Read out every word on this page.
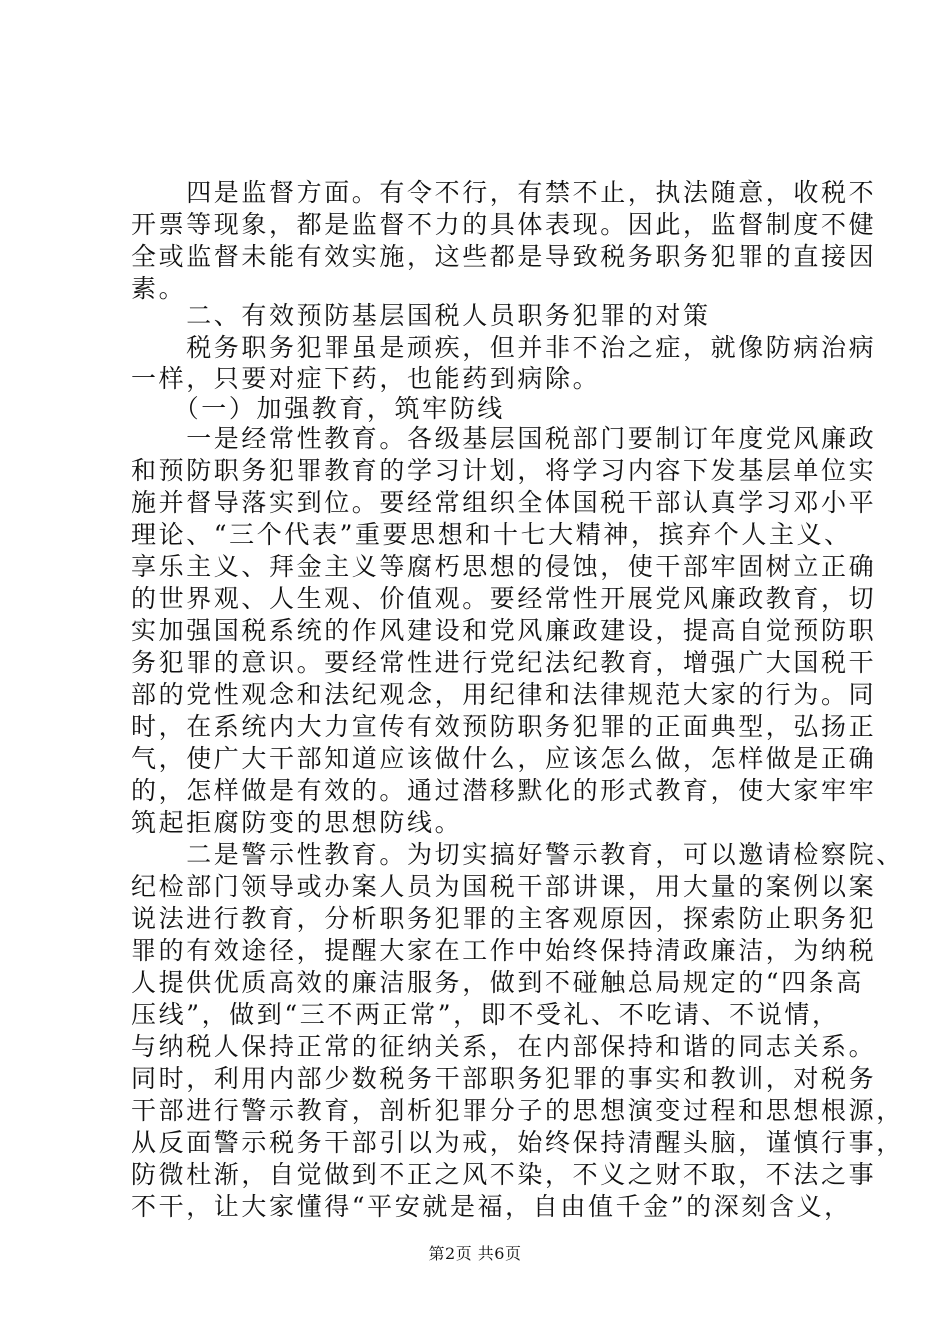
　　四是监督方面。有令不行，有禁不止，执法随意，收税不
开票等现象，都是监督不力的具体表现。因此，监督制度不健
全或监督未能有效实施，这些都是导致税务职务犯罪的直接因
素。
　　二、有效预防基层国税人员职务犯罪的对策
　　税务职务犯罪虽是顽疾，但并非不治之症，就像防病治病
一样，只要对症下药，也能药到病除。
　　（一）加强教育，筑牢防线
　　一是经常性教育。各级基层国税部门要制订年度党风廉政
和预防职务犯罪教育的学习计划，将学习内容下发基层单位实
施并督导落实到位。要经常组织全体国税干部认真学习邓小平
理论、“三个代表”重要思想和十七大精神，摈弃个人主义、
享乐主义、拜金主义等腐朽思想的侵蚀，使干部牢固树立正确
的世界观、人生观、价值观。要经常性开展党风廉政教育，切
实加强国税系统的作风建设和党风廉政建设，提高自觉预防职
务犯罪的意识。要经常性进行党纪法纪教育，增强广大国税干
部的党性观念和法纪观念，用纪律和法律规范大家的行为。同
时，在系统内大力宣传有效预防职务犯罪的正面典型，弘扬正
气，使广大干部知道应该做什么，应该怎么做，怎样做是正确
的，怎样做是有效的。通过潜移默化的形式教育，使大家牢牢
筑起拒腐防变的思想防线。
　　二是警示性教育。为切实搞好警示教育，可以邀请检察院、
纪检部门领导或办案人员为国税干部讲课，用大量的案例以案
说法进行教育，分析职务犯罪的主客观原因，探索防止职务犯
罪的有效途径，提醒大家在工作中始终保持清政廉洁，为纳税
人提供优质高效的廉洁服务，做到不碰触总局规定的“四条高
压线”，做到“三不两正常”，即不受礼、不吃请、不说情，
与纳税人保持正常的征纳关系，在内部保持和谐的同志关系。
同时，利用内部少数税务干部职务犯罪的事实和教训，对税务
干部进行警示教育，剖析犯罪分子的思想演变过程和思想根源，
从反面警示税务干部引以为戒，始终保持清醒头脑，谨慎行事，
防微杜渐，自觉做到不正之风不染，不义之财不取，不法之事
不干，让大家懂得“平安就是福，自由值千金”的深刻含义，
第2页 共6页
